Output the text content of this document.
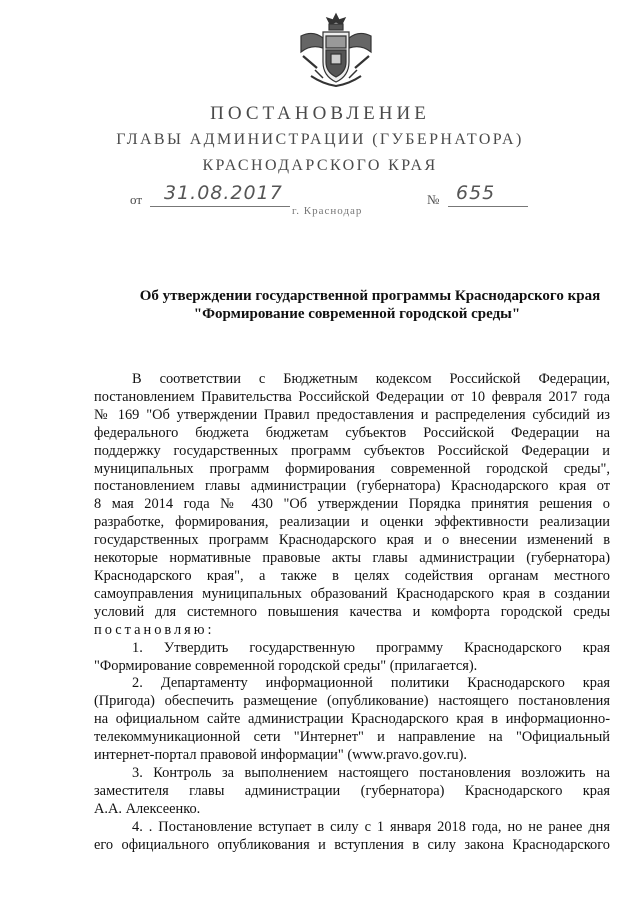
ПОСТАНОВЛЕНИЕ
ГЛАВЫ АДМИНИСТРАЦИИ (ГУБЕРНАТОРА)
КРАСНОДАРСКОГО КРАЯ
от	31.08.2017	№ 655
г. Краснодар
Об утверждении государственной программы Краснодарского края
"Формирование современной городской среды"

В соответствии с Бюджетным кодексом Российской Федерации,

постановлением Правительства Российской Федерации от 10 февраля 2017 года

№ 169 "Об утверждении Правил предоставления и распределения субсидий из

федерального бюджета бюджетам субъектов Российской Федерации на

поддержку государственных программ субъектов Российской Федерации и

муниципальных программ формирования современной городской среды",

постановлением главы администрации (губернатора) Краснодарского края от

8 мая 2014 года № 430 "Об утверждении Порядка принятия решения о

разработке, формирования, реализации и оценки эффективности реализации

государственных программ Краснодарского края и о внесении изменений в

некоторые нормативные правовые акты главы администрации (губернатора)

Краснодарского края", а также в целях содействия органам местного

самоуправления муниципальных образований Краснодарского края в создании

условий для системного повышения качества и комфорта городской среды

постановляю:

1. Утвердить государственную программу Краснодарского края

"Формирование современной городской среды" (прилагается).

2. Департаменту информационной политики Краснодарского края

(Пригода) обеспечить размещение (опубликование) настоящего постановления

на официальном сайте администрации Краснодарского края в информационно-

телекоммуникационной сети "Интернет" и направление на "Официальный

интернет-портал правовой информации" (www.pravo.gov.ru).

3. Контроль за выполнением настоящего постановления возложить на

заместителя главы администрации (губернатора) Краснодарского края

А.А. Алексеенко.

4. . Постановление вступает в силу с 1 января 2018 года, но не ранее дня

его официального опубликования и вступления в силу закона Краснодарского
